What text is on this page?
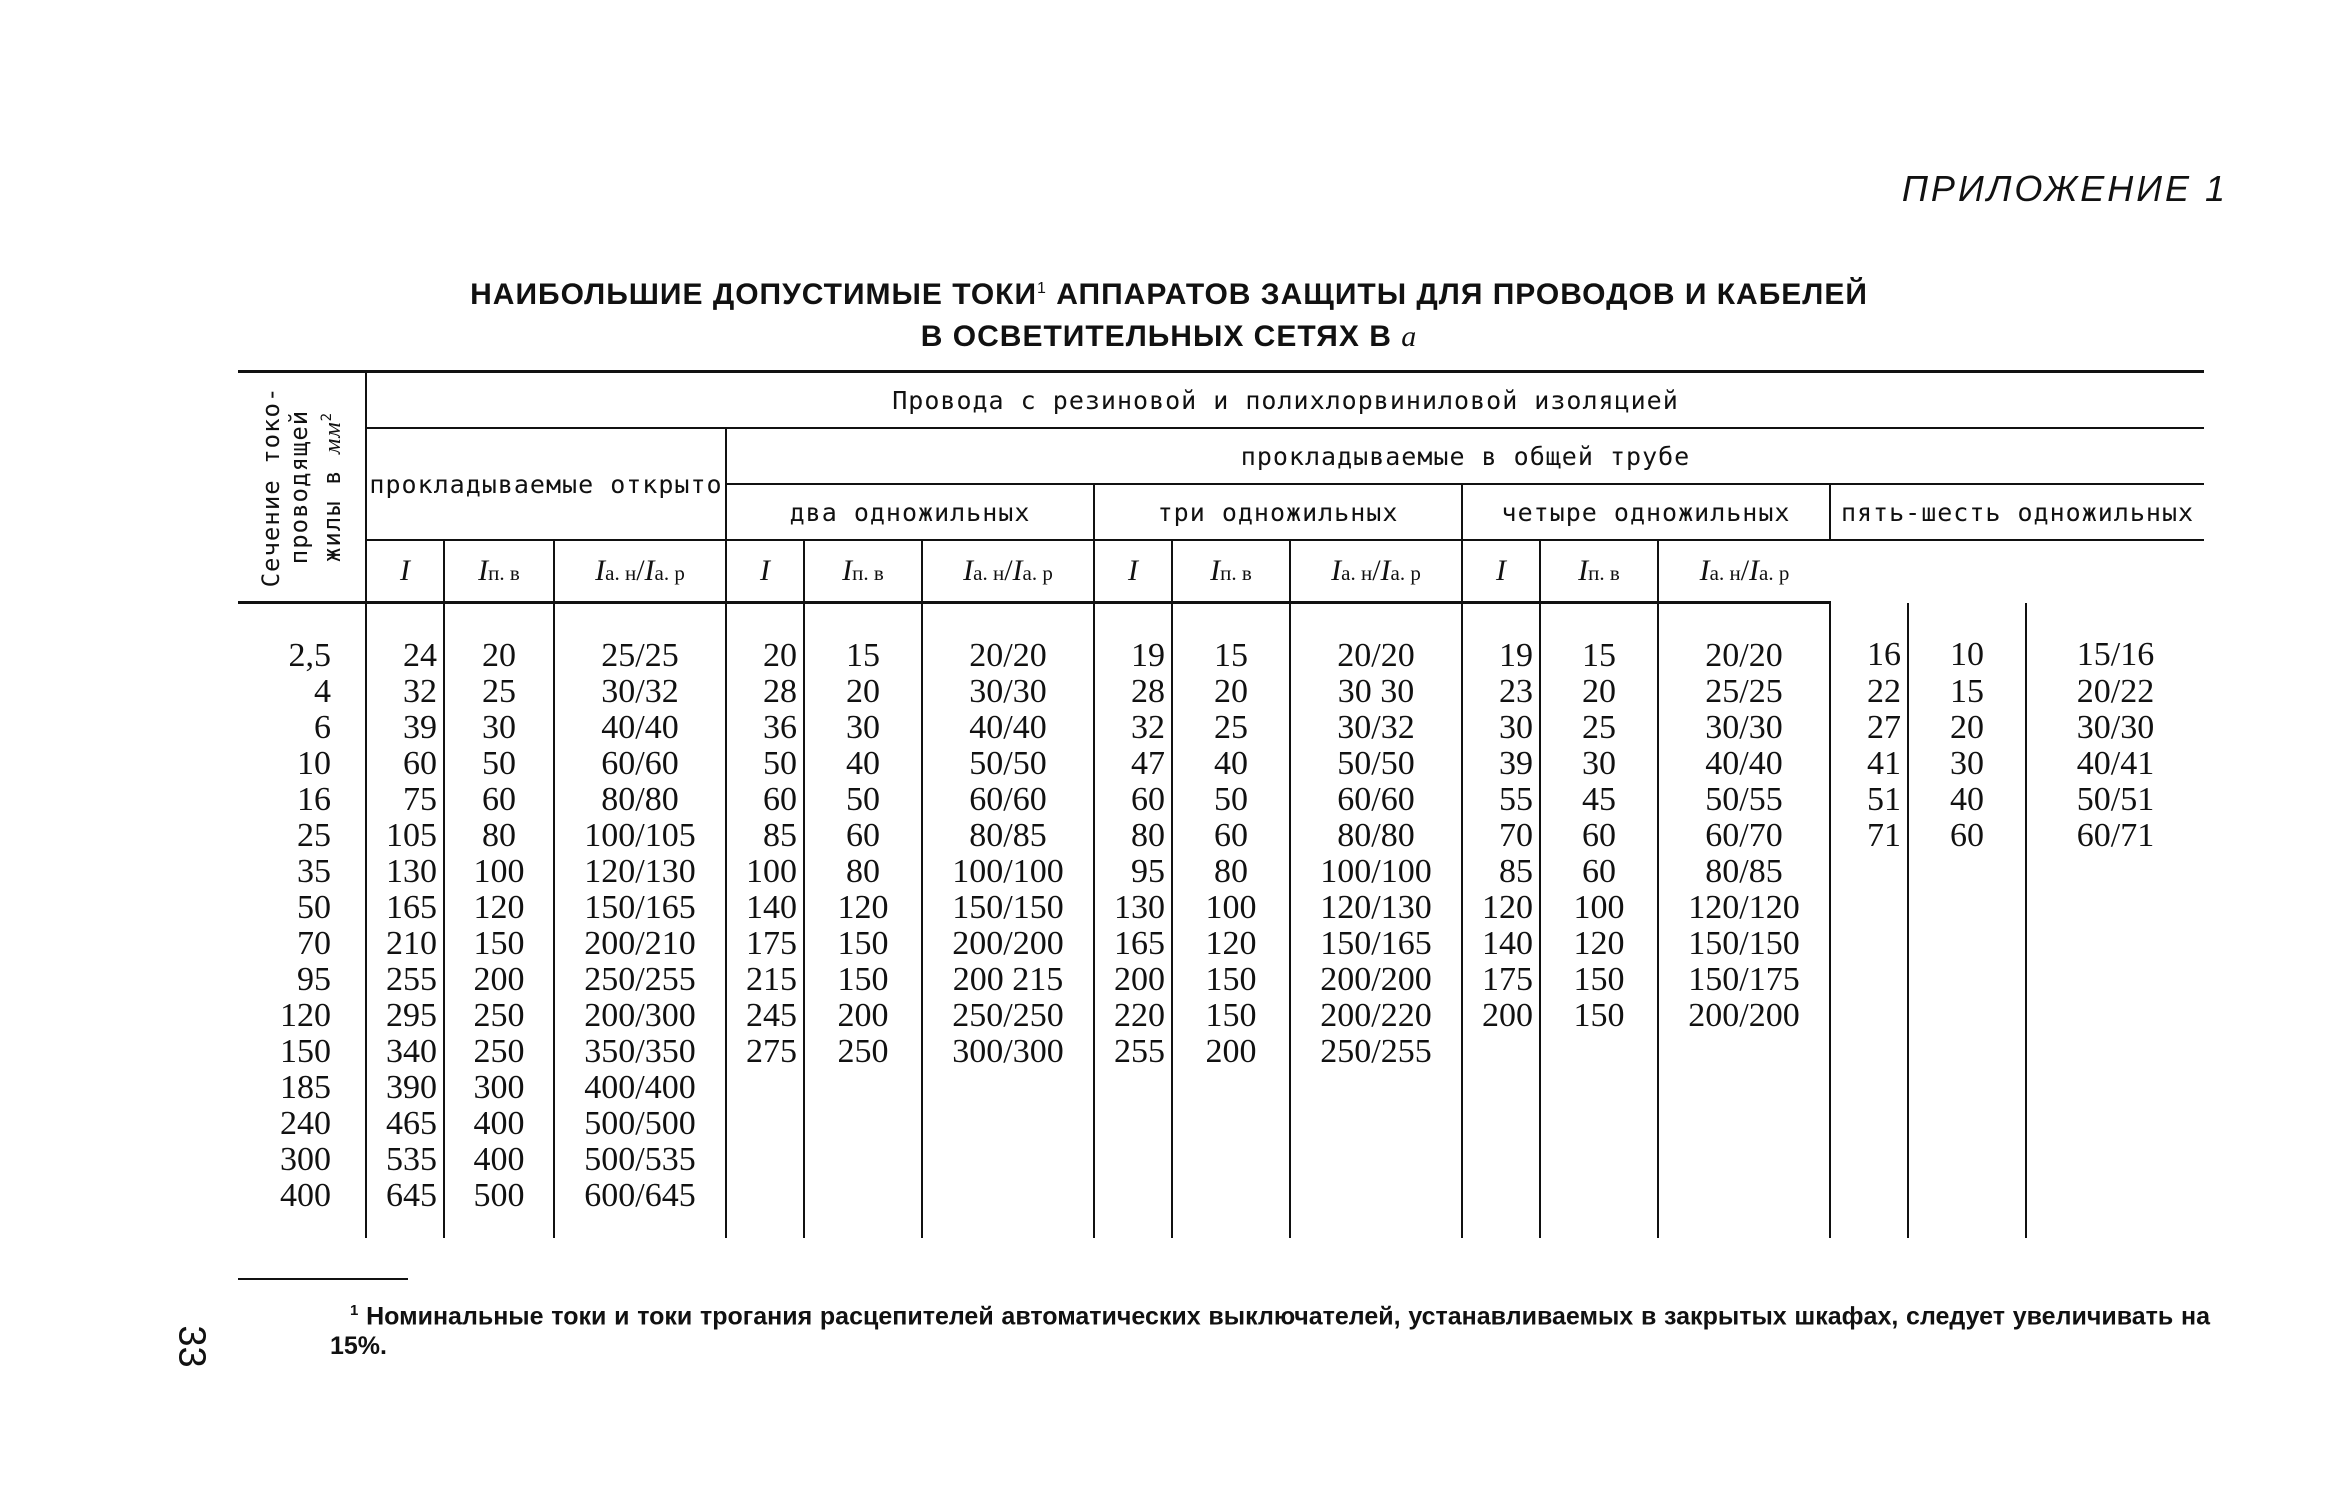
ПРИЛОЖЕНИЕ 1
НАИБОЛЬШИЕ ДОПУСТИМЫЕ ТОКИ$^1$ АППАРАТОВ ЗАЩИТЫ ДЛЯ ПРОВОДОВ И КАБЕЛЕЙ
В ОСВЕТИТЕЛЬНЫХ СЕТЯХ В а
Сечение токо- проводящей жилы в $мм^2$	Провода с резиновой и полихлорвиниловой изоляцией														
	прокладываемые открыто			прокладываемые в общей трубе											
				два одножильных			три одножильных			четыре одножильных			пять-шесть одножильных		
	I	Iп. в	Iа. н/Iа. р	I	Iп. в	Iа. н/Iа. р	I	Iп. в	Iа. н/Iа. р	I	Iп. в	Iа. н/Iа. р			
2,5	24	20	25/25	20	15	20/20	19	15	20/20	19	15	20/20	16	10	15/16
4	32	25	30/32	28	20	30/30	28	20	30 30	23	20	25/25	22	15	20/22
6	39	30	40/40	36	30	40/40	32	25	30/32	30	25	30/30	27	20	30/30
10	60	50	60/60	50	40	50/50	47	40	50/50	39	30	40/40	41	30	40/41
16	75	60	80/80	60	50	60/60	60	50	60/60	55	45	50/55	51	40	50/51
25	105	80	100/105	85	60	80/85	80	60	80/80	70	60	60/70	71	60	60/71
35	130	100	120/130	100	80	100/100	95	80	100/100	85	60	80/85			
50	165	120	150/165	140	120	150/150	130	100	120/130	120	100	120/120			
70	210	150	200/210	175	150	200/200	165	120	150/165	140	120	150/150			
95	255	200	250/255	215	150	200 215	200	150	200/200	175	150	150/175			
120	295	250	200/300	245	200	250/250	220	150	200/220	200	150	200/200			
150	340	250	350/350	275	250	300/300	255	200	250/255						
185	390	300	400/400												
240	465	400	500/500												
300	535	400	500/535												
400	645	500	600/645												
33
$^1$ Номинальные токи и токи трогания расцепителей автоматических выключателей, устанавливаемых в закрытых шкафах, следует увеличивать на 15%.
